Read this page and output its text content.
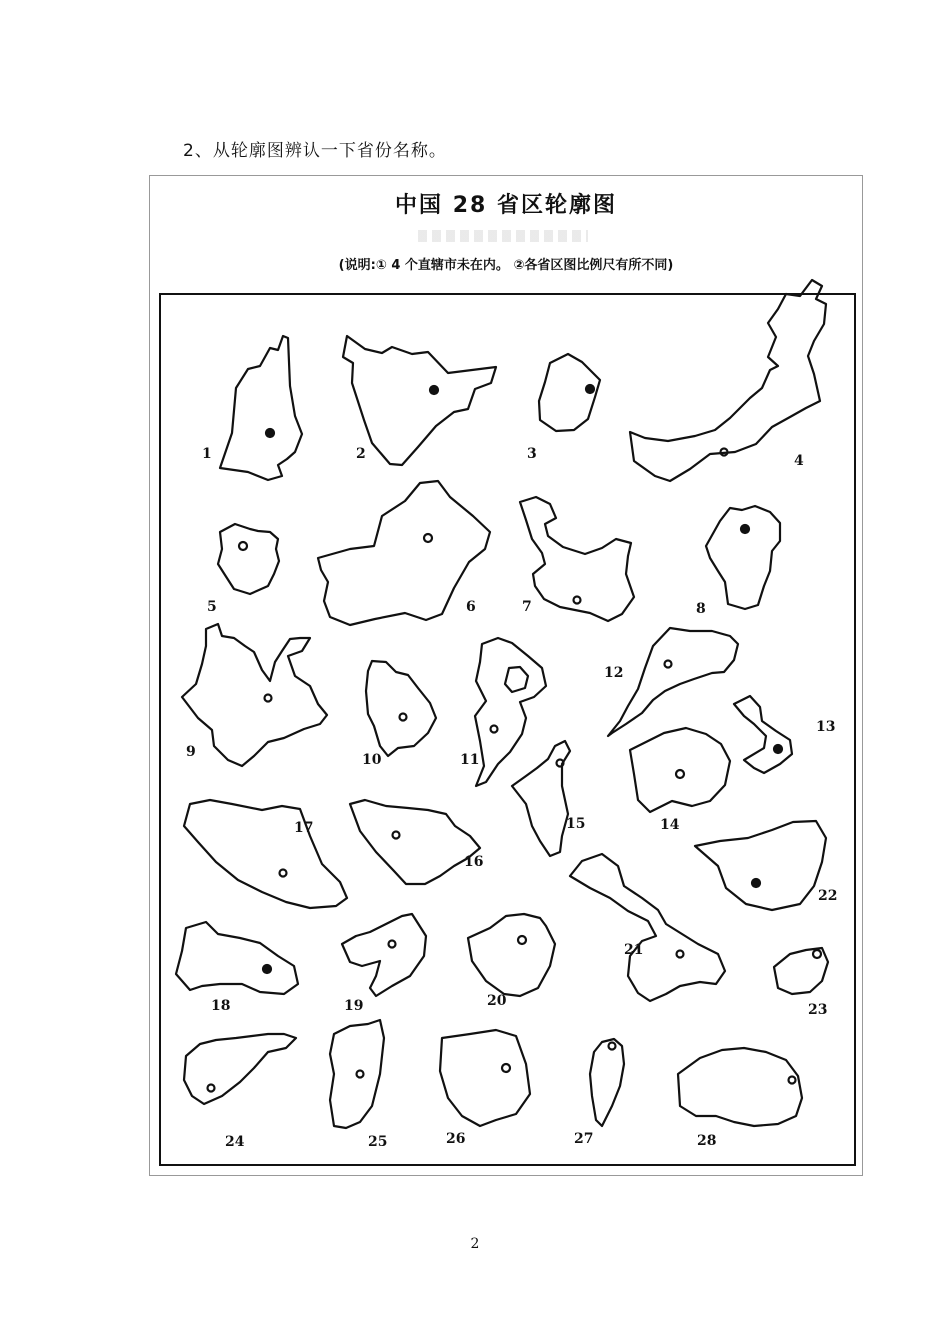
2、从轮廓图辨认一下省份名称。
中国 28 省区轮廓图
(说明:① 4 个直辖市未在内。 ②各省区图比例尺有所不同)
1	2	3	4
5	6	7	8
9	10	11
12
13
14
15
16
17
18	19	20
21
22
23
24	25	26	27	28
2
